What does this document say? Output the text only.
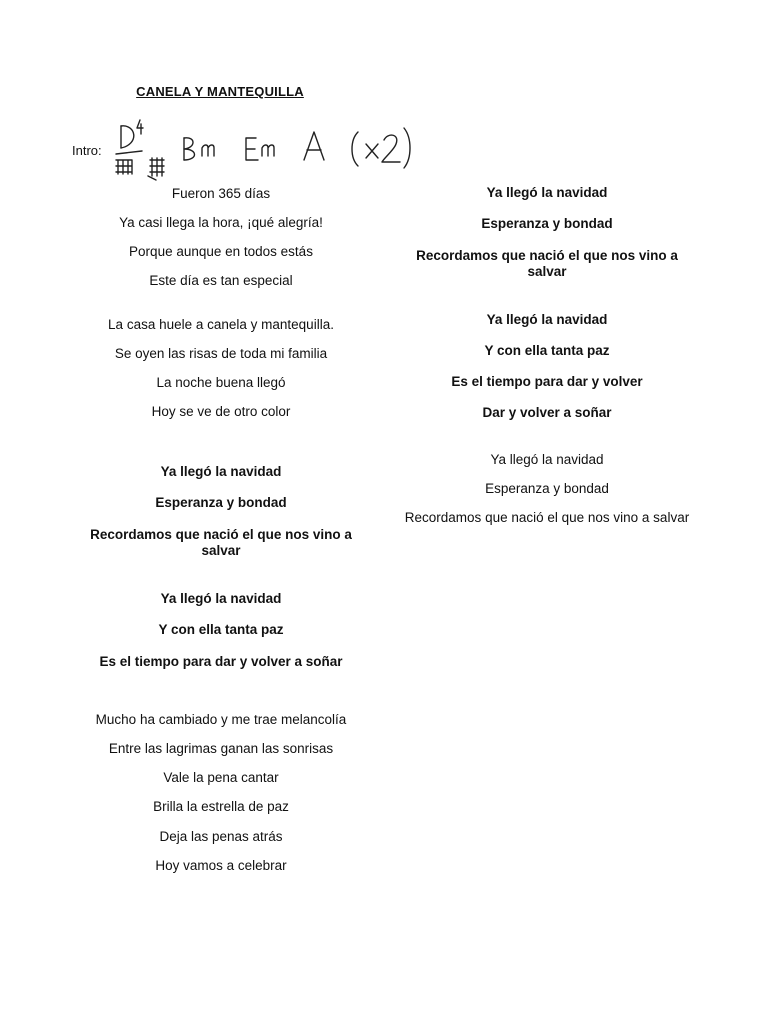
CANELA Y MANTEQUILLA
Intro:
Fueron 365 días
Ya casi llega la hora, ¡qué alegría!
Porque aunque en todos estás
Este día es tan especial
La casa huele a canela y mantequilla.
Se oyen las risas de toda mi familia
La noche buena llegó
Hoy se ve de otro color
Ya llegó la navidad
Esperanza y bondad
Recordamos que nació el que nos vino a salvar
Ya llegó la navidad
Y con ella tanta paz
Es el tiempo para dar y volver a soñar
Mucho ha cambiado y me trae melancolía
Entre las lagrimas ganan las sonrisas
Vale la pena cantar
Brilla la estrella de paz
Deja las penas atrás
Hoy vamos a celebrar
Ya llegó la navidad
Esperanza y bondad
Recordamos que nació el que nos vino a salvar
Ya llegó la navidad
Y con ella tanta paz
Es el tiempo para dar y volver
Dar y volver a soñar
Ya llegó la navidad
Esperanza y bondad
Recordamos que nació el que nos vino a salvar
